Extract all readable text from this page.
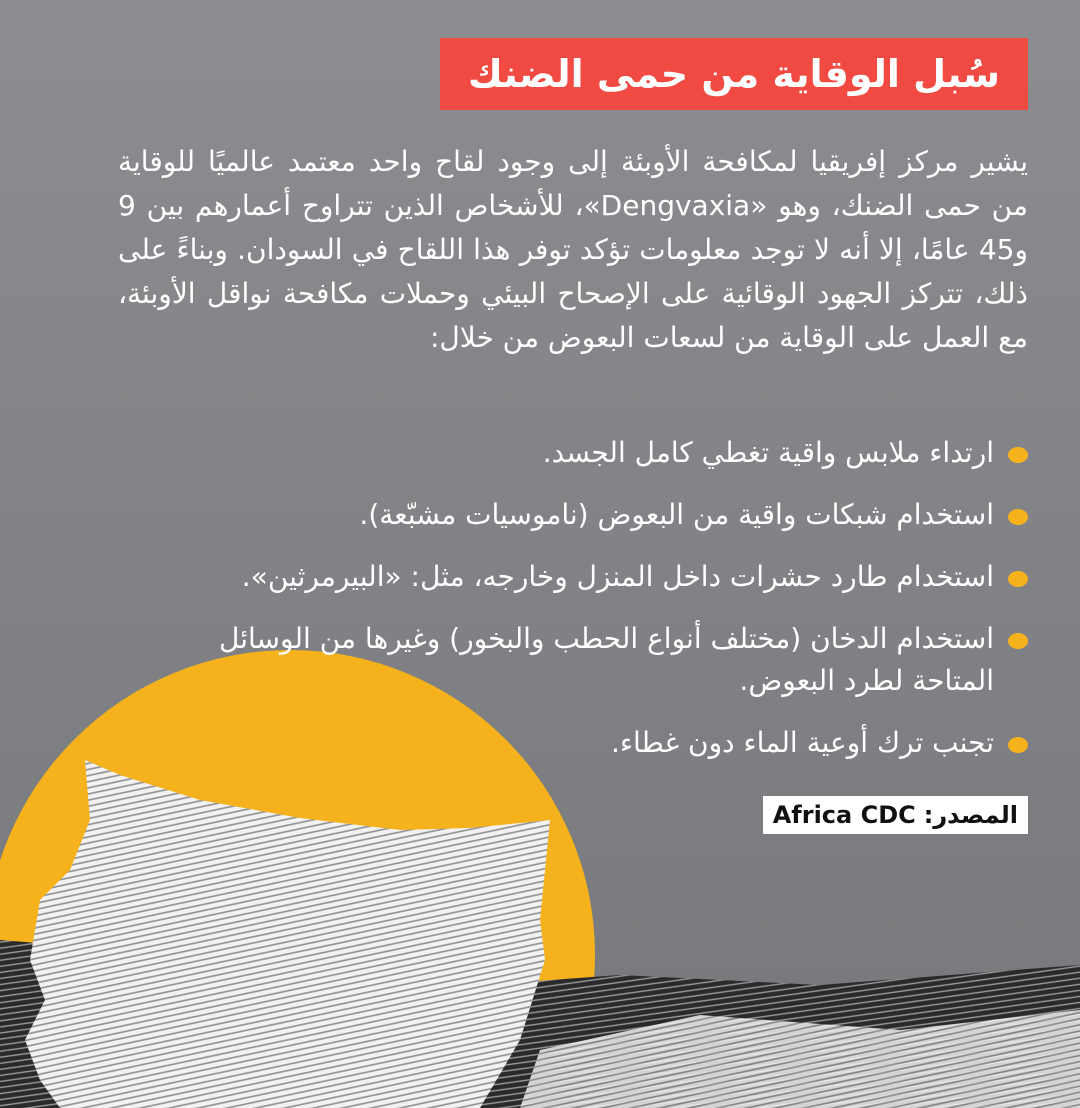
سُبل الوقاية من حمى الضنك

يشير مركز إفريقيا لمكافحة الأوبئة إلى وجود لقاح واحد معتمد عالميًا للوقاية من حمى الضنك، وهو «Dengvaxia»، للأشخاص الذين تتراوح أعمارهم بين 9 و45 عامًا، إلا أنه لا توجد معلومات تؤكد توفر هذا اللقاح في السودان. وبناءً على ذلك، تتركز الجهود الوقائية على الإصحاح البيئي وحملات مكافحة نواقل الأوبئة، مع العمل على الوقاية من لسعات البعوض من خلال:

ارتداء ملابس واقية تغطي كامل الجسد.
استخدام شبكات واقية من البعوض (ناموسيات مشبّعة).
استخدام طارد حشرات داخل المنزل وخارجه، مثل: «البيرمرثين».
استخدام الدخان (مختلف أنواع الحطب والبخور) وغيرها من الوسائل المتاحة لطرد البعوض.
تجنب ترك أوعية الماء دون غطاء.
المصدر:
Africa CDC
